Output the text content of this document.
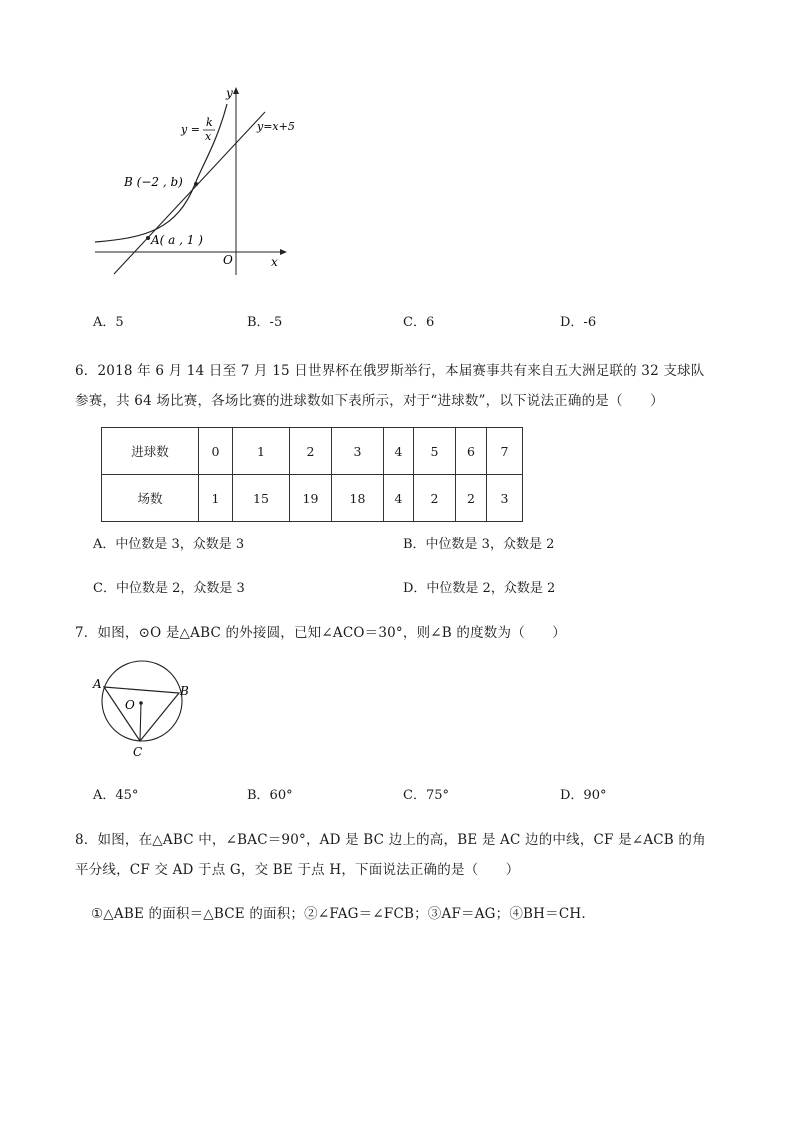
y
x
O
y =
k
x
y=x+5
B (−2 , b)
A( a , 1 )
A．5	B．-5	C．6	D．-6
6．2018 年 6 月 14 日至 7 月 15 日世界杯在俄罗斯举行，本届赛事共有来自五大洲足联的 32 支球队
参赛，共 64 场比赛，各场比赛的进球数如下表所示，对于“进球数”，以下说法正确的是（　　）
进球数	0	1	2	3	4	5	6	7
场数	1	15	19	18	4	2	2	3
A．中位数是 3，众数是 3	B．中位数是 3，众数是 2
C．中位数是 2，众数是 3	D．中位数是 2，众数是 2
7．如图，⊙O 是△ABC 的外接圆，已知∠ACO＝30°，则∠B 的度数为（　　）
A	B
C
O
A．45°	B．60°	C．75°	D．90°
8．如图，在△ABC 中，∠BAC＝90°，AD 是 BC 边上的高，BE 是 AC 边的中线，CF 是∠ACB 的角
平分线，CF 交 AD 于点 G，交 BE 于点 H，下面说法正确的是（　　）
①△ABE 的面积＝△BCE 的面积；②∠FAG＝∠FCB；③AF＝AG；④BH＝CH.
